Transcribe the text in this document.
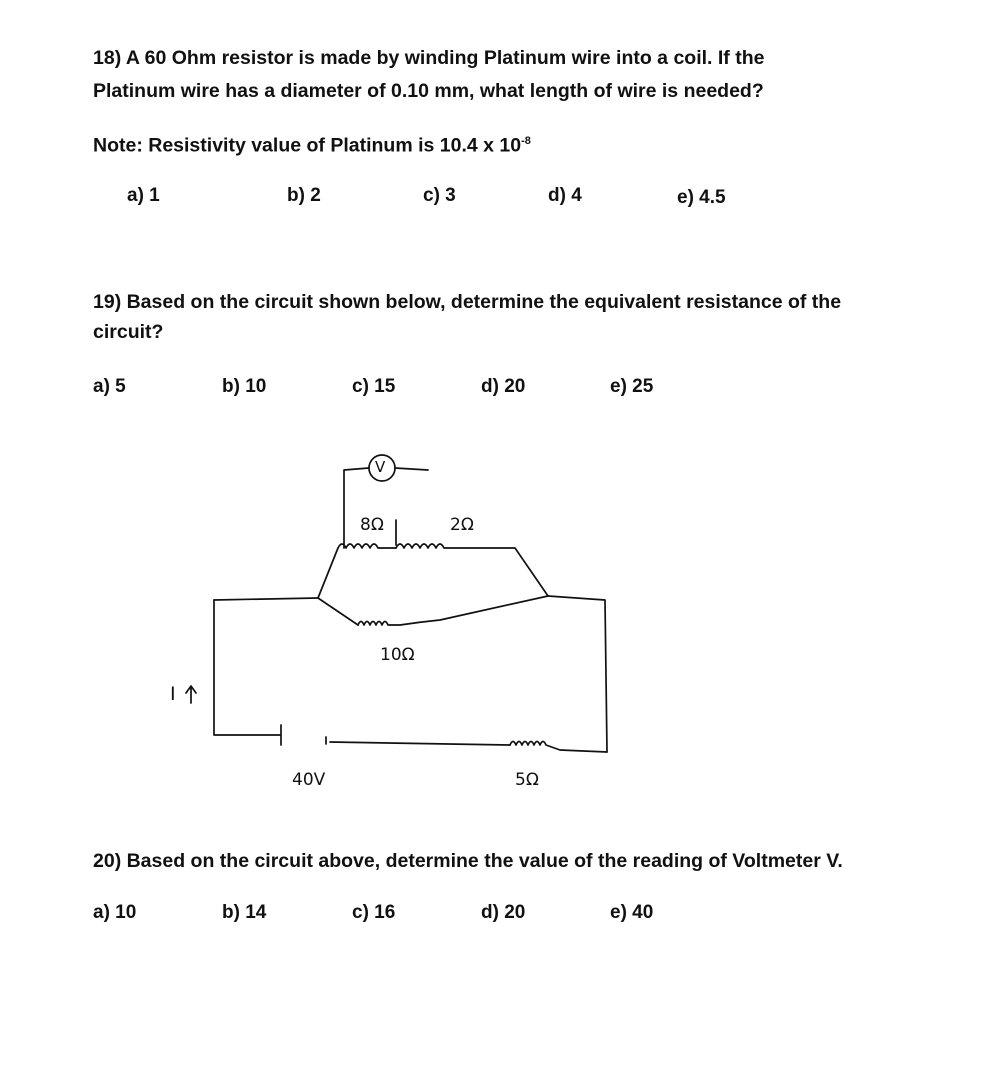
18) A 60 Ohm resistor is made by winding Platinum wire into a coil. If the
Platinum wire has a diameter of 0.10 mm, what length of wire is needed?
Note: Resistivity value of Platinum is 10.4 x $10^{-8}$
a) 1	b) 2	c) 3	d) 4	e) 4.5
19) Based on the circuit shown below, determine the equivalent resistance of the
circuit?
a) 5	b) 10	c) 15	d) 20	e) 25
V
8Ω	2Ω
10Ω
5Ω
40V
I
20) Based on the circuit above, determine the value of the reading of Voltmeter V.
a) 10	b) 14	c) 16	d) 20	e) 40
